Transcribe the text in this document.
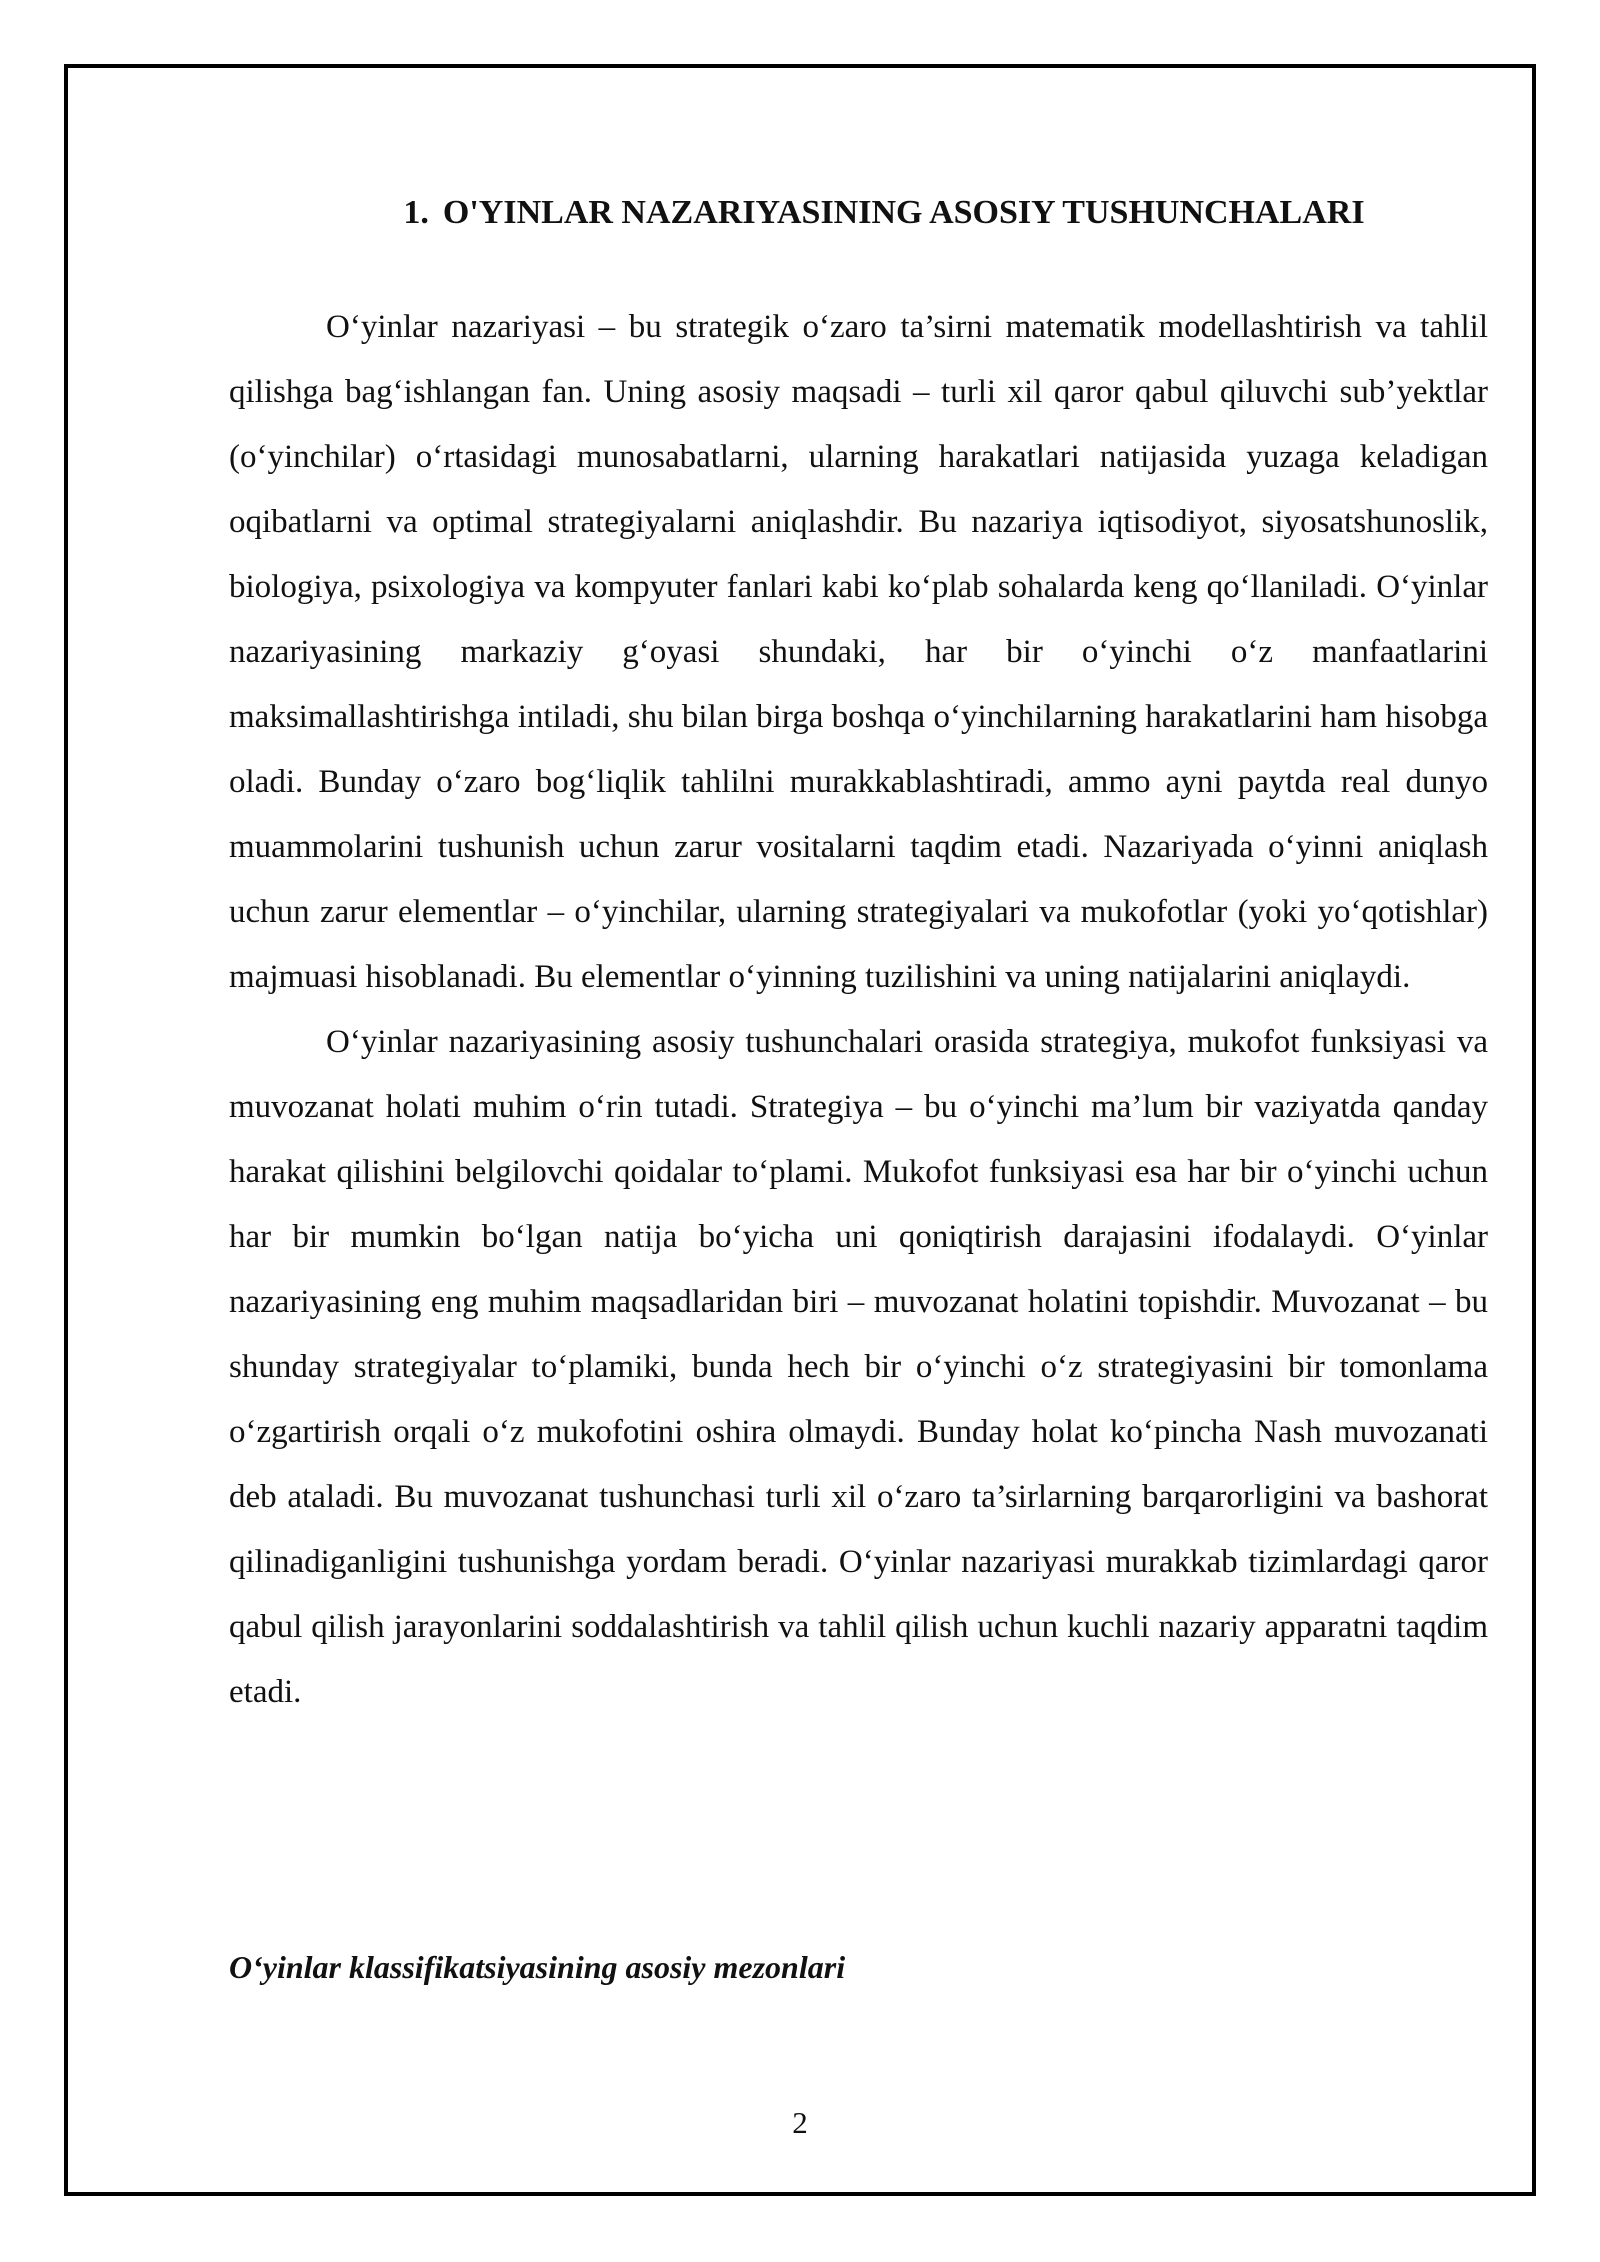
1. O'YINLAR NAZARIYASINING ASOSIY TUSHUNCHALARI

O‘yinlar nazariyasi – bu strategik o‘zaro ta’sirni matematik modellashtirish va tahlil qilishga bag‘ishlangan fan. Uning asosiy maqsadi – turli xil qaror qabul qiluvchi sub’yektlar (o‘yinchilar) o‘rtasidagi munosabatlarni, ularning harakatlari natijasida yuzaga keladigan oqibatlarni va optimal strategiyalarni aniqlashdir. Bu nazariya iqtisodiyot, siyosatshunoslik, biologiya, psixologiya va kompyuter fanlari kabi ko‘plab sohalarda keng qo‘llaniladi. O‘yinlar nazariyasining markaziy g‘oyasi shundaki, har bir o‘yinchi o‘z manfaatlarini maksimallashtirishga intiladi, shu bilan birga boshqa o‘yinchilarning harakatlarini ham hisobga oladi. Bunday o‘zaro bog‘liqlik tahlilni murakkablashtiradi, ammo ayni paytda real dunyo muammolarini tushunish uchun zarur vositalarni taqdim etadi. Nazariyada o‘yinni aniqlash uchun zarur elementlar – o‘yinchilar, ularning strategiyalari va mukofotlar (yoki yo‘qotishlar) majmuasi hisoblanadi. Bu elementlar o‘yinning tuzilishini va uning natijalarini aniqlaydi.

O‘yinlar nazariyasining asosiy tushunchalari orasida strategiya, mukofot funksiyasi va muvozanat holati muhim o‘rin tutadi. Strategiya – bu o‘yinchi ma’lum bir vaziyatda qanday harakat qilishini belgilovchi qoidalar to‘plami. Mukofot funksiyasi esa har bir o‘yinchi uchun har bir mumkin bo‘lgan natija bo‘yicha uni qoniqtirish darajasini ifodalaydi. O‘yinlar nazariyasining eng muhim maqsadlaridan biri – muvozanat holatini topishdir. Muvozanat – bu shunday strategiyalar to‘plamiki, bunda hech bir o‘yinchi o‘z strategiyasini bir tomonlama o‘zgartirish orqali o‘z mukofotini oshira olmaydi. Bunday holat ko‘pincha Nash muvozanati deb ataladi. Bu muvozanat tushunchasi turli xil o‘zaro ta’sirlarning barqarorligini va bashorat qilinadiganligini tushunishga yordam beradi. O‘yinlar nazariyasi murakkab tizimlardagi qaror qabul qilish jarayonlarini soddalashtirish va tahlil qilish uchun kuchli nazariy apparatni taqdim etadi.

O‘yinlar klassifikatsiyasining asosiy mezonlari

2
